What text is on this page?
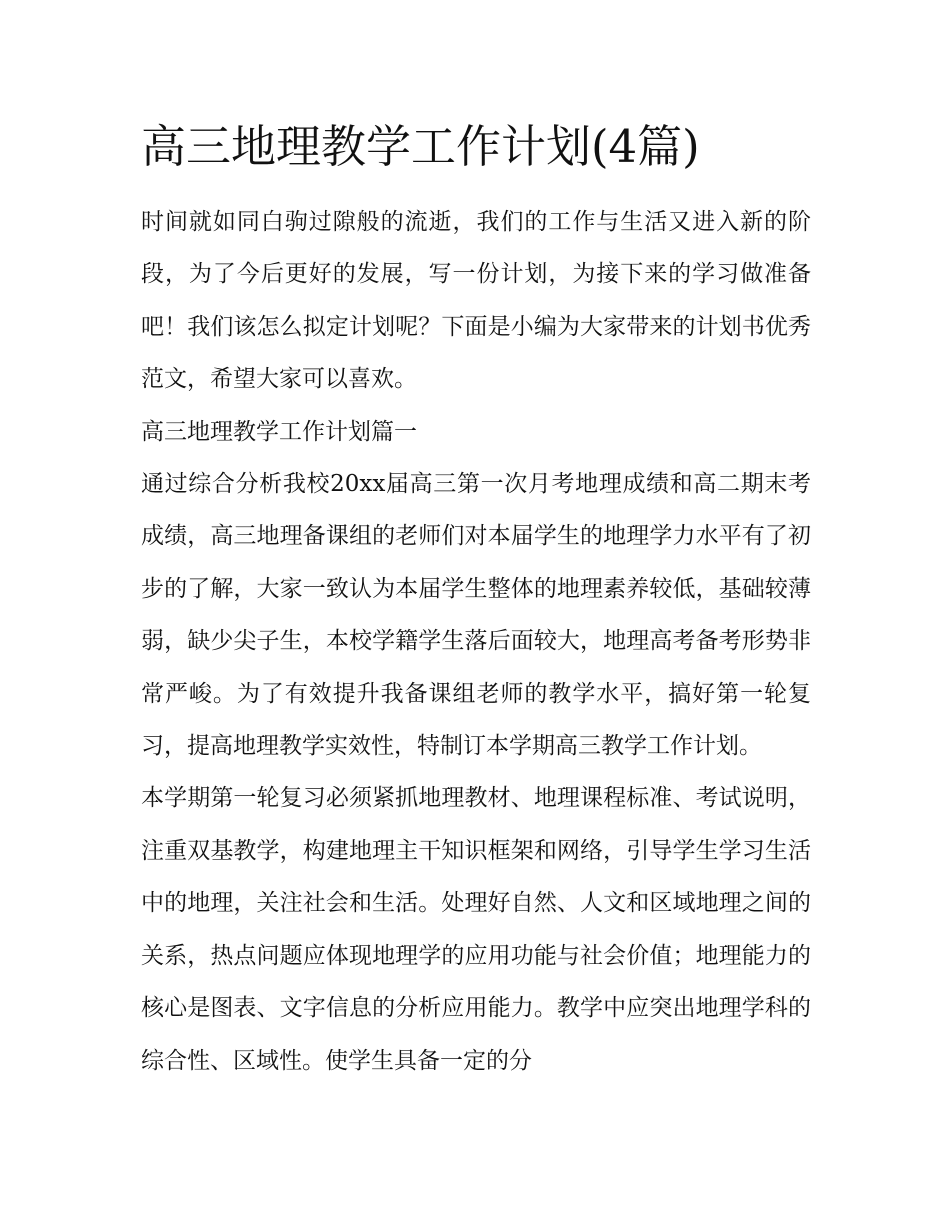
高三地理教学工作计划(4篇)

时间就如同白驹过隙般的流逝，我们的工作与生活又进入新的阶段，为了今后更好的发展，写一份计划，为接下来的学习做准备吧！我们该怎么拟定计划呢？下面是小编为大家带来的计划书优秀范文，希望大家可以喜欢。

高三地理教学工作计划篇一

通过综合分析我校20xx届高三第一次月考地理成绩和高二期末考成绩，高三地理备课组的老师们对本届学生的地理学力水平有了初步的了解，大家一致认为本届学生整体的地理素养较低，基础较薄弱，缺少尖子生，本校学籍学生落后面较大，地理高考备考形势非常严峻。为了有效提升我备课组老师的教学水平，搞好第一轮复习，提高地理教学实效性，特制订本学期高三教学工作计划。

本学期第一轮复习必须紧抓地理教材、地理课程标准、考试说明，注重双基教学，构建地理主干知识框架和网络，引导学生学习生活中的地理，关注社会和生活。处理好自然、人文和区域地理之间的关系，热点问题应体现地理学的应用功能与社会价值；地理能力的核心是图表、文字信息的分析应用能力。教学中应突出地理学科的综合性、区域性。使学生具备一定的分
